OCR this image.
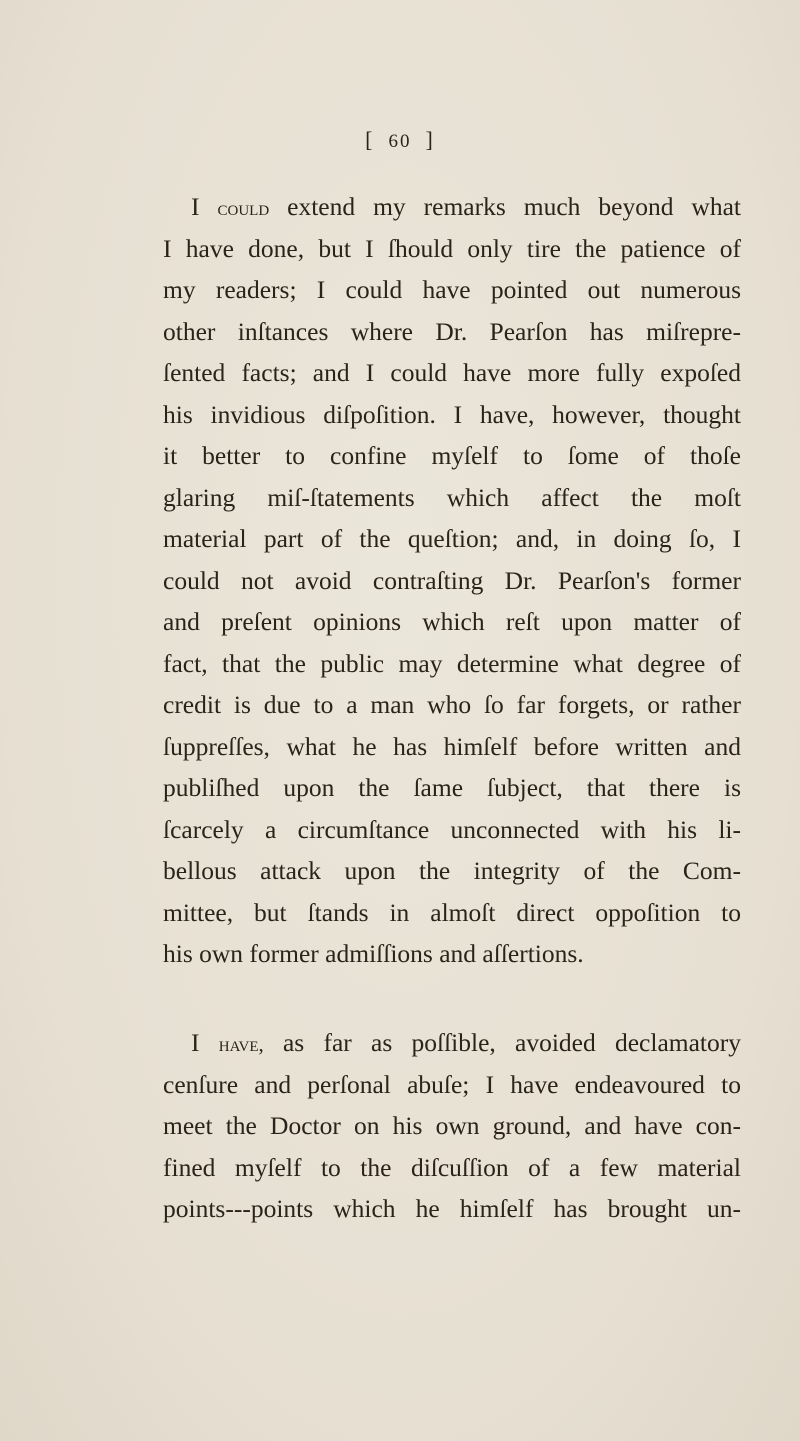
[ 60 ]
I could extend my remarks much beyond what
I have done, but I ſhould only tire the patience of
my readers; I could have pointed out numerous
other inſtances where Dr. Pearſon has miſrepre-
ſented facts; and I could have more fully expoſed
his invidious diſpoſition. I have, however, thought
it better to confine myſelf to ſome of thoſe
glaring miſ-ſtatements which affect the moſt
material part of the queſtion; and, in doing ſo, I
could not avoid contraſting Dr. Pearſon's former
and preſent opinions which reſt upon matter of
fact, that the public may determine what degree of
credit is due to a man who ſo far forgets, or rather
ſuppreſſes, what he has himſelf before written and
publiſhed upon the ſame ſubject, that there is
ſcarcely a circumſtance unconnected with his li-
bellous attack upon the integrity of the Com-
mittee, but ſtands in almoſt direct oppoſition to
his own former admiſſions and aſſertions.
I have, as far as poſſible, avoided declamatory
cenſure and perſonal abuſe; I have endeavoured to
meet the Doctor on his own ground, and have con-
fined myſelf to the diſcuſſion of a few material
points---points which he himſelf has brought un-
